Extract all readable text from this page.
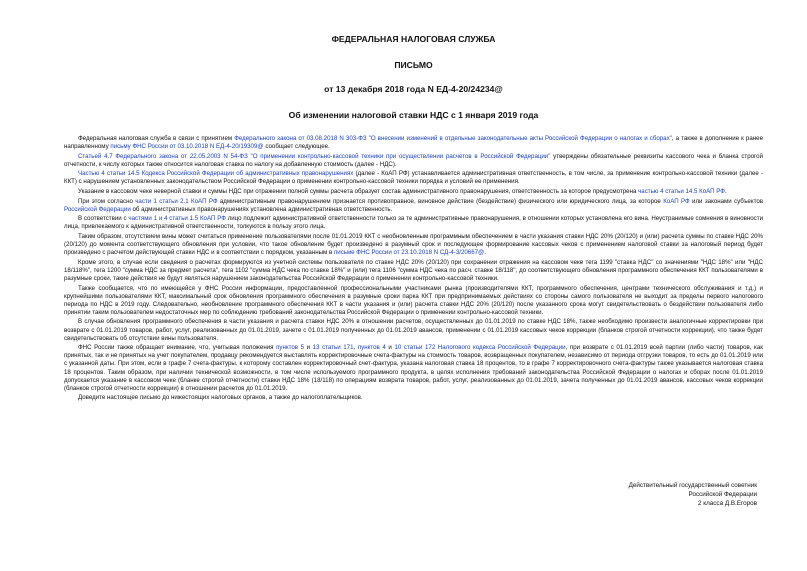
ФЕДЕРАЛЬНАЯ НАЛОГОВАЯ СЛУЖБА
ПИСЬМО
от 13 декабря 2018 года N ЕД-4-20/24234@
Об изменении налоговой ставки НДС с 1 января 2019 года

Федеральная налоговая служба в связи с принятием Федерального закона от 03.08.2018 N 303-ФЗ "О внесении изменений в отдельные законодательные акты Российской Федерации о налогах и сборах", а также в дополнение к ранее направленному письму ФНС России от 03.10.2018 N ЕД-4-20/19309@ сообщает следующее.

Статьей 4.7 Федерального закона от 22.05.2003 N 54-ФЗ "О применении контрольно-кассовой техники при осуществлении расчетов в Российской Федерации" утверждены обязательные реквизиты кассового чека и бланка строгой отчетности, к числу которых также относится налоговая ставка по налогу на добавленную стоимость (далее - НДС).

Частью 4 статьи 14.5 Кодекса Российской Федерации об административных правонарушениях (далее - КоАП РФ) устанавливается административная ответственность, в том числе, за применение контрольно-кассовой техники (далее - ККТ) с нарушением установленных законодательством Российской Федерации о применении контрольно-кассовой техники порядка и условий ее применения.

Указание в кассовом чеке неверной ставки и суммы НДС при отражении полной суммы расчета образует состав административного правонарушения, ответственность за которое предусмотрена частью 4 статьи 14.5 КоАП РФ.

При этом согласно части 1 статьи 2.1 КоАП РФ административным правонарушением признается противоправное, виновное действие (бездействие) физического или юридического лица, за которое КоАП РФ или законами субъектов Российской Федерации об административных правонарушениях установлена административная ответственность.

В соответствии с частями 1 и 4 статьи 1.5 КоАП РФ лицо подлежит административной ответственности только за те административные правонарушения, в отношении которых установлена его вина. Неустранимые сомнения в виновности лица, привлекаемого к административной ответственности, толкуются в пользу этого лица.

Таким образом, отсутствием вины может считаться применение пользователями после 01.01.2019 ККТ с необновленным программным обеспечением в части указания ставки НДС 20% (20/120) и (или) расчета суммы по ставке НДС 20% (20/120) до момента соответствующего обновления при условии, что такое обновление будет произведено в разумный срок и последующее формирование кассовых чеков с применением налоговой ставки за налоговый период будет произведено с расчетом действующей ставки НДС и в соответствии с порядком, указанным в письме ФНС России от 23.10.2018 N СД-4-3/20667@.

Кроме этого, в случае если сведения о расчетах формируются из учетной системы пользователя по ставке НДС 20% (20/120) при сохранении отражения на кассовом чеке тега 1199 "ставка НДС" со значениями "НДС 18%" или "НДС 18/118%", тега 1200 "сумма НДС за предмет расчета", тега 1102 "сумма НДС чека по ставке 18%" и (или) тега 1106 "сумма НДС чека по расч. ставке 18/118", до соответствующего обновления программного обеспечения ККТ пользователями в разумные сроки, такие действия не будут являться нарушением законодательства Российской Федерации о применении контрольно-кассовой техники.

Также сообщается, что по имеющейся у ФНС России информации, предоставленной профессиональными участниками рынка (производителями ККТ, программного обеспечения, центрами технического обслуживания и т.д.) и крупнейшими пользователями ККТ, максимальный срок обновления программного обеспечения в разумные сроки парка ККТ при предпринимаемых действиях со стороны самого пользователя не выходит за пределы первого налогового периода по НДС в 2019 году. Следовательно, необновление программного обеспечения ККТ в части указания и (или) расчета ставки НДС 20% (20/120) после указанного срока могут свидетельствовать о бездействии пользователя либо принятии таким пользователем недостаточных мер по соблюдению требований законодательства Российской Федерации о применении контрольно-кассовой техники.

В случае обновления программного обеспечения в части указания и расчета ставки НДС 20% в отношении расчетов, осуществленных до 01.01.2019 по ставке НДС 18%, также необходимо произвести аналогичные корректировки при возврате с 01.01.2019 товаров, работ, услуг, реализованных до 01.01.2019, зачете с 01.01.2019 полученных до 01.01.2019 авансов, применении с 01.01.2019 кассовых чеков коррекции (бланков строгой отчетности коррекции), что также будет свидетельствовать об отсутствии вины пользователя.

ФНС России также обращает внимание, что, учитывая положения пунктов 5 и 13 статьи 171, пунктов 4 и 10 статьи 172 Налогового кодекса Российской Федерации, при возврате с 01.01.2019 всей партии (либо части) товаров, как принятых, так и не принятых на учет покупателем, продавцу рекомендуется выставлять корректировочные счета-фактуры на стоимость товаров, возвращенных покупателем, независимо от периода отгрузки товаров, то есть до 01.01.2019 или с указанной даты. При этом, если в графе 7 счета-фактуры, к которому составлен корректировочный счет-фактура, указана налоговая ставка 18 процентов, то в графе 7 корректировочного счета-фактуры также указывается налоговая ставка 18 процентов. Таким образом, при наличии технической возможности, в том числе используемого программного продукта, в целях исполнения требований законодательства Российской Федерации о налогах и сборах после 01.01.2019 допускается указание в кассовом чеке (бланке строгой отчетности) ставки НДС 18% (18/118) по операциям возврата товаров, работ, услуг, реализованных до 01.01.2019, зачета полученных до 01.01.2019 авансов, кассовых чеков коррекции (бланков строгой отчетности коррекции) в отношении расчетов до 01.01.2019.

Доведите настоящее письмо до нижестоящих налоговых органов, а также до налогоплательщиков.

Действительный государственный советник
Российской Федерации
2 класса Д.В.Егоров
